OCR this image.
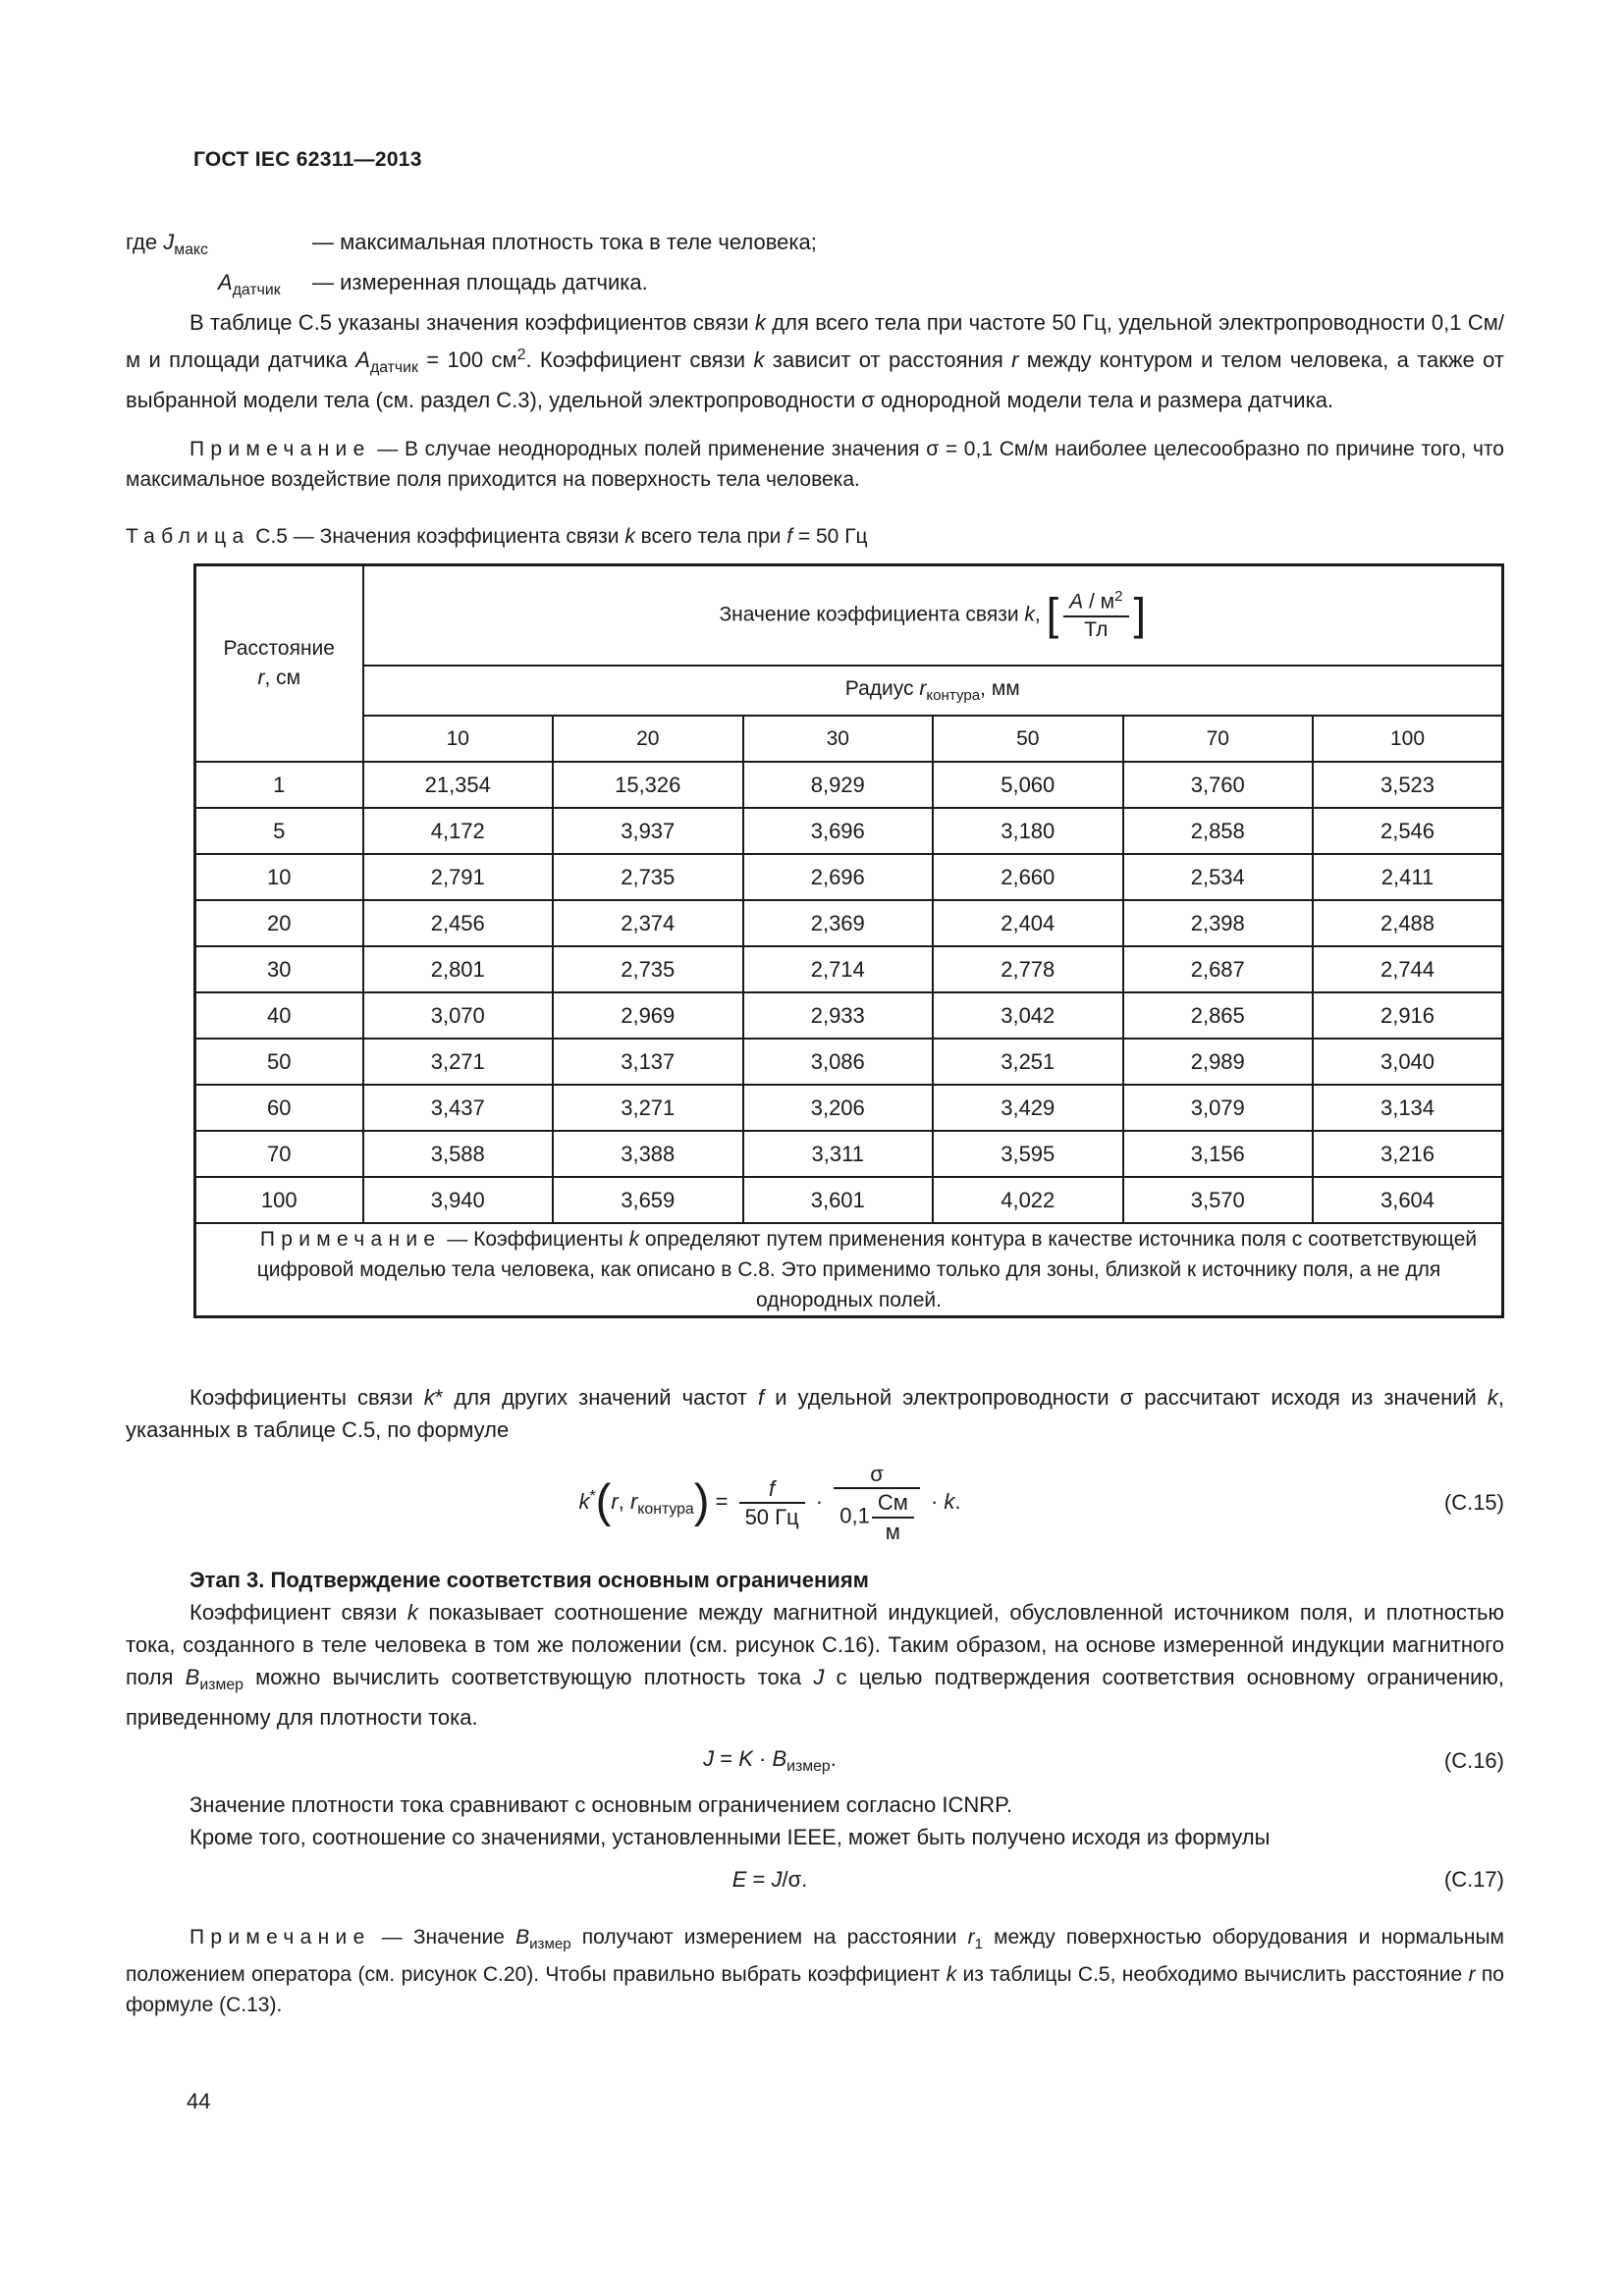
ГОСТ IEC 62311—2013
где $J_{макс}$	— максимальная плотность тока в теле человека;
$А_{датчик}$	— измеренная площадь датчика.

В таблице С.5 указаны значения коэффициентов связи k для всего тела при частоте 50 Гц, удельной электропроводности 0,1 См/м и площади датчика $А_{датчик} = 100$ $см^2$. Коэффициент связи k зависит от расстояния r между контуром и телом человека, а также от выбранной модели тела (см. раздел С.3), удельной электропроводности σ однородной модели тела и размера датчика.

Примечание — В случае неоднородных полей применение значения σ = 0,1 См/м наиболее целесообразно по причине того, что максимальное воздействие поля приходится на поверхность тела человека.

Таблица С.5 — Значения коэффициента связи k всего тела при f = 50 Гц
Расстояние
r, см	Значение коэффициента связи k, [ $\frac{А / м^2}{Тл}$ ]					
	Радиус $r_{контура}$, мм					
	10	20	30	50	70	100
1	21,354	15,326	8,929	5,060	3,760	3,523
5	4,172	3,937	3,696	3,180	2,858	2,546
10	2,791	2,735	2,696	2,660	2,534	2,411
20	2,456	2,374	2,369	2,404	2,398	2,488
30	2,801	2,735	2,714	2,778	2,687	2,744
40	3,070	2,969	2,933	3,042	2,865	2,916
50	3,271	3,137	3,086	3,251	2,989	3,040
60	3,437	3,271	3,206	3,429	3,079	3,134
70	3,588	3,388	3,311	3,595	3,156	3,216
100	3,940	3,659	3,601	4,022	3,570	3,604
Примечание — Коэффициенты k определяют путем применения контура в качестве источника поля с соответствующей цифровой моделью тела человека, как описано в С.8. Это применимо только для зоны, близкой к источнику поля, а не для однородных полей.						

Коэффициенты связи k* для других значений частот f и удельной электропроводности σ рассчитают исходя из значений k, указанных в таблице С.5, по формуле

k*(r, $r_{контура}) = \frac{f}{50 Гц} \cdot \frac{\sigma}{0,1 \frac{См}{м}} \cdot k$.	(С.15)

Этап 3. Подтверждение соответствия основным ограничениям

Коэффициент связи k показывает соотношение между магнитной индукцией, обусловленной источником поля, и плотностью тока, созданного в теле человека в том же положении (см. рисунок С.16). Таким образом, на основе измеренной индукции магнитного поля $B_{измер}$ можно вычислить соответствующую плотность тока J с целью подтверждения соответствия основному ограничению, приведенному для плотности тока.

$J = K \cdot B_{измер}$.	(С.16)

Значение плотности тока сравнивают с основным ограничением согласно ICNRP.

Кроме того, соотношение со значениями, установленными IEEE, может быть получено исходя из формулы

E = J/σ.	(С.17)

Примечание — Значение $B_{измер}$ получают измерением на расстоянии $r_1$ между поверхностью оборудования и нормальным положением оператора (см. рисунок С.20). Чтобы правильно выбрать коэффициент k из таблицы С.5, необходимо вычислить расстояние r по формуле (С.13).

44
